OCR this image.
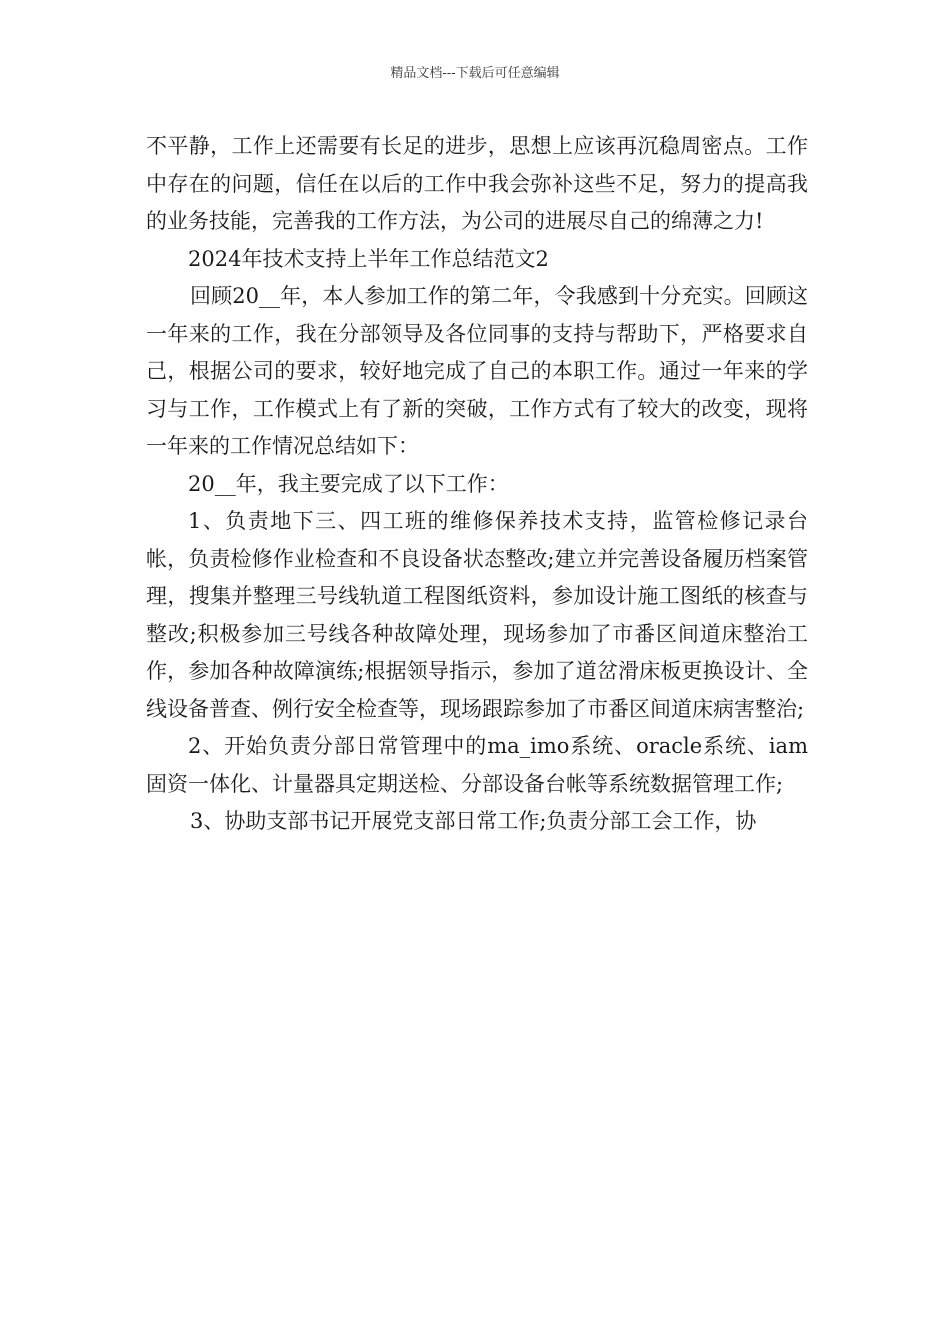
精品文档---下载后可任意编辑

不平静，工作上还需要有长足的进步，思想上应该再沉稳周密点。工作中存在的问题，信任在以后的工作中我会弥补这些不足，努力的提高我的业务技能，完善我的工作方法，为公司的进展尽自己的绵薄之力!

2024年技术支持上半年工作总结范文2

回顾20__年，本人参加工作的第二年，令我感到十分充实。回顾这一年来的工作，我在分部领导及各位同事的支持与帮助下，严格要求自己，根据公司的要求，较好地完成了自己的本职工作。通过一年来的学习与工作，工作模式上有了新的突破，工作方式有了较大的改变，现将一年来的工作情况总结如下：

20__年，我主要完成了以下工作：

1、负责地下三、四工班的维修保养技术支持，监管检修记录台帐，负责检修作业检查和不良设备状态整改;建立并完善设备履历档案管理，搜集并整理三号线轨道工程图纸资料，参加设计施工图纸的核查与整改;积极参加三号线各种故障处理，现场参加了市番区间道床整治工作，参加各种故障演练;根据领导指示，参加了道岔滑床板更换设计、全线设备普查、例行安全检查等，现场跟踪参加了市番区间道床病害整治;

2、开始负责分部日常管理中的ma_imo系统、oracle系统、iam固资一体化、计量器具定期送检、分部设备台帐等系统数据管理工作;

3、协助支部书记开展党支部日常工作;负责分部工会工作，协
